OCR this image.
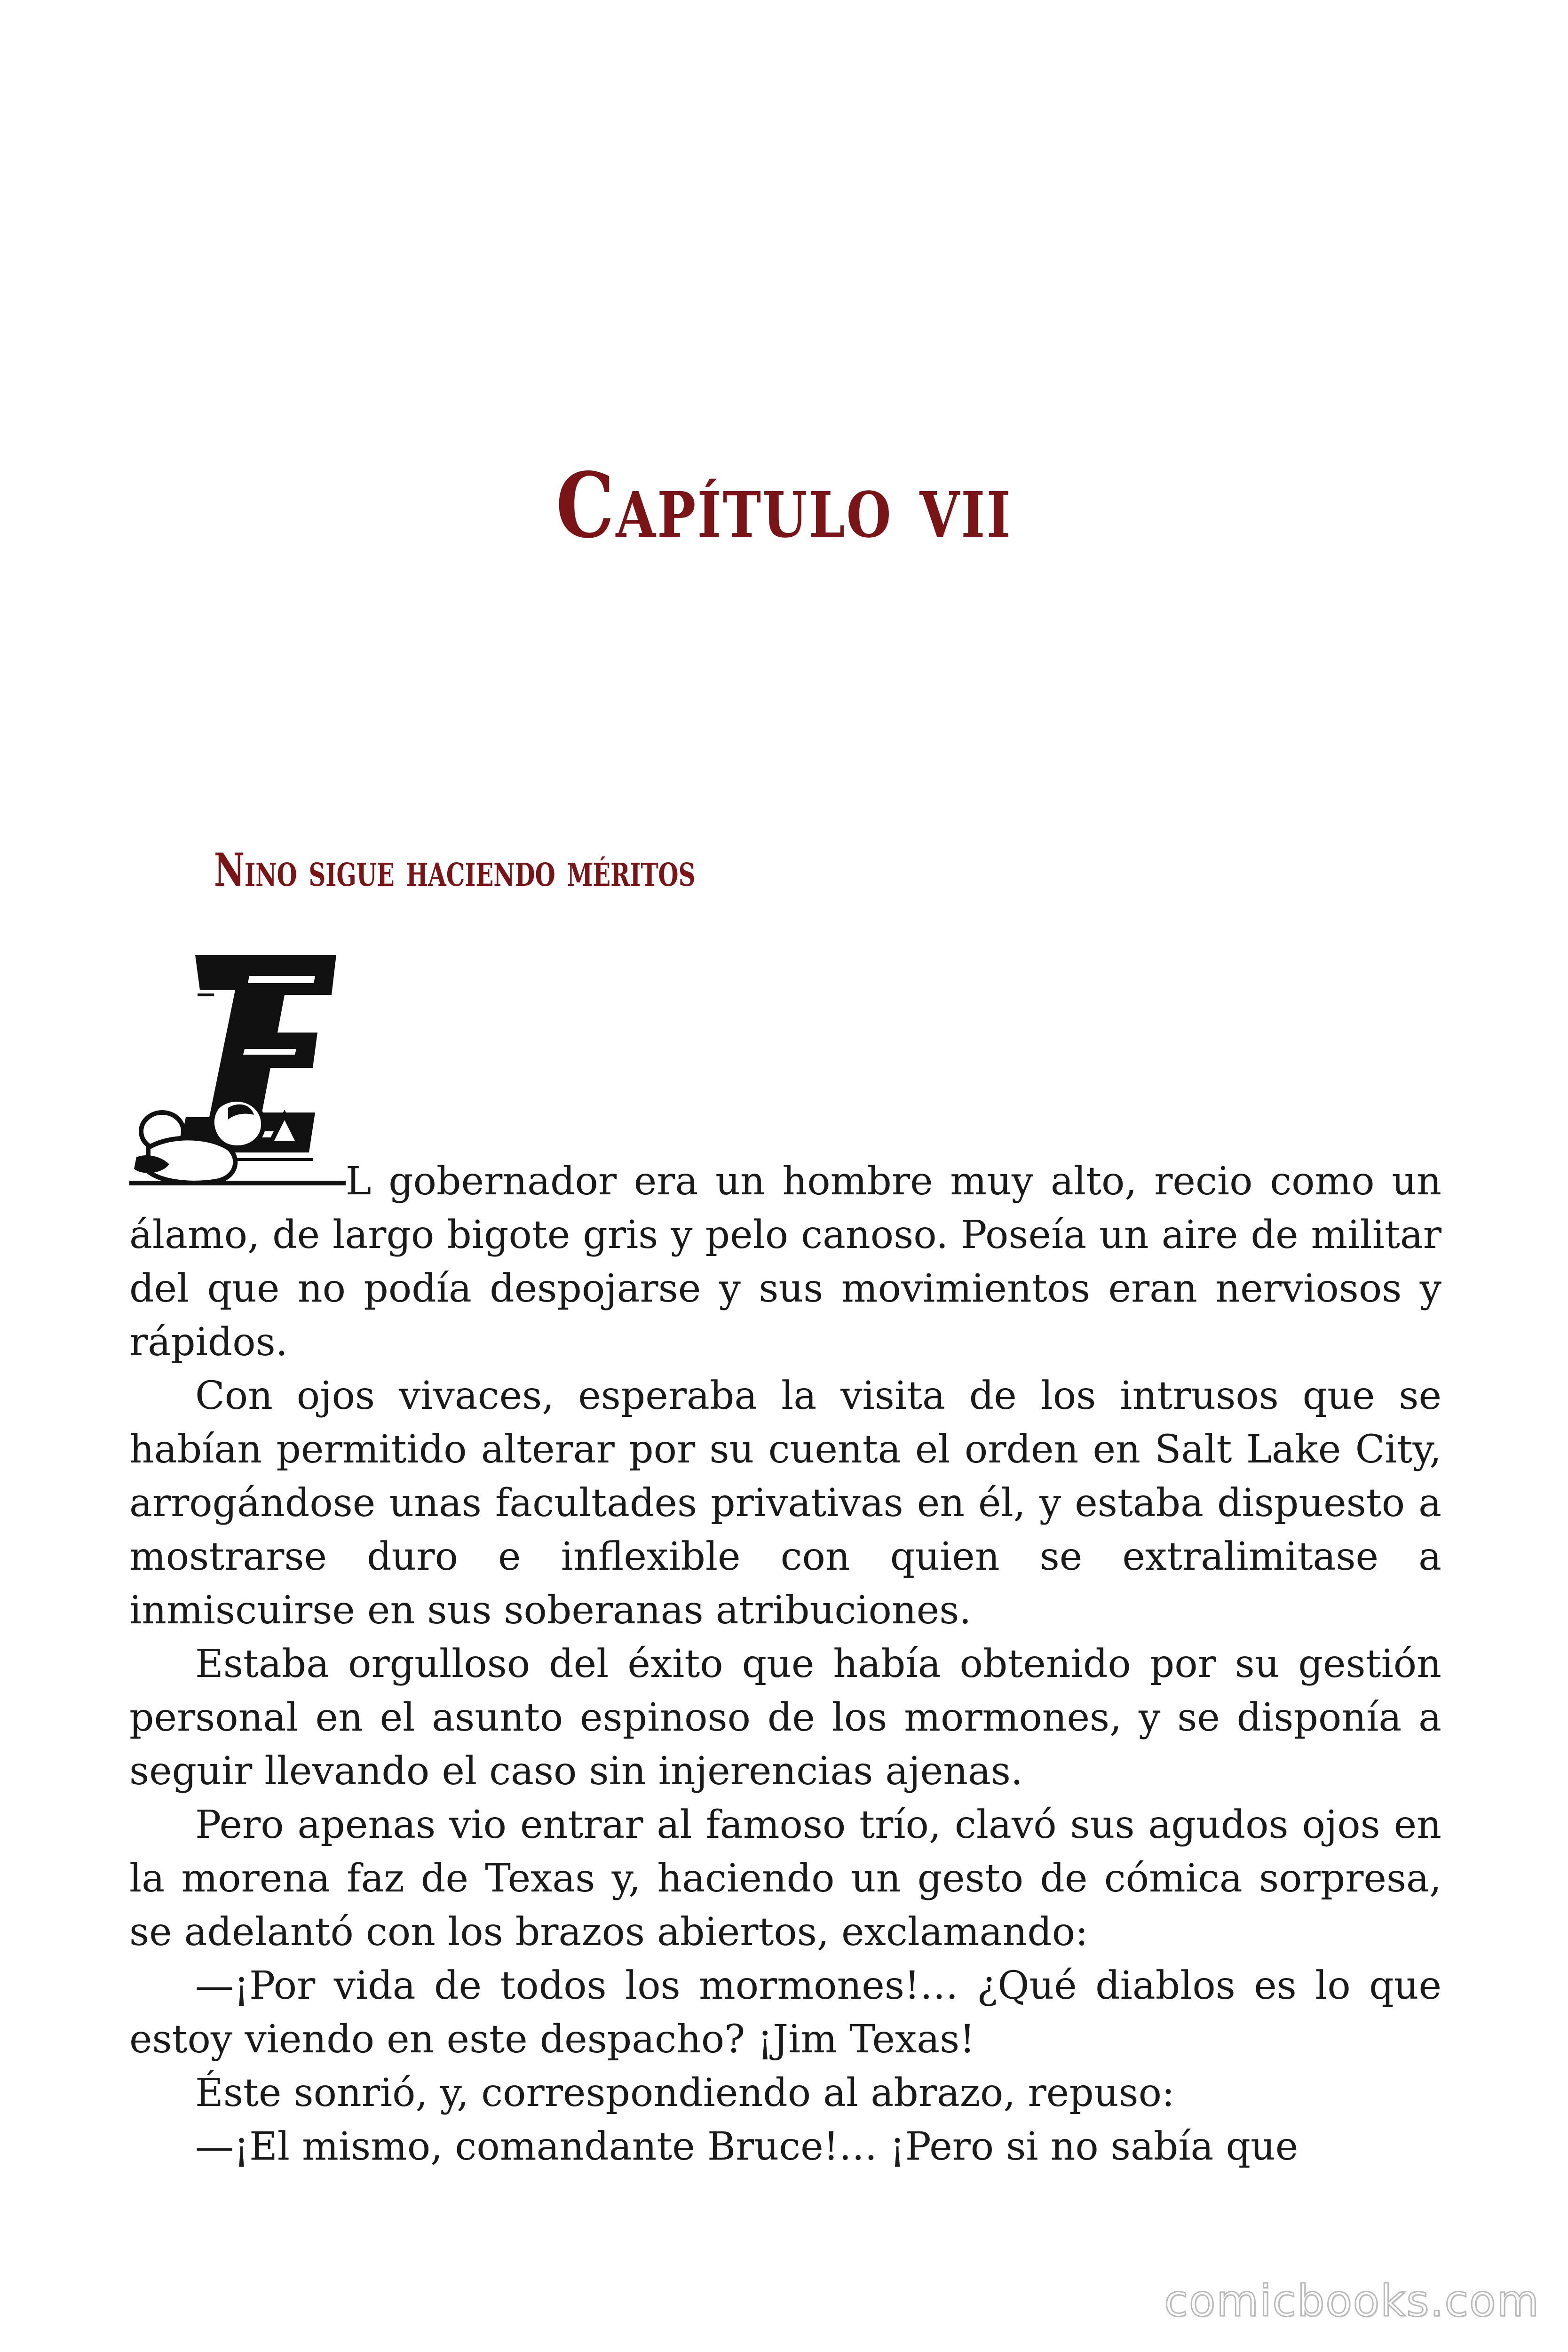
Capítulo vii
Nino sigue haciendo méritos

L gobernador era un hombre muy alto, recio como un
álamo, de largo bigote gris y pelo canoso. Poseía un aire de militar del que no podía despojarse y sus movimientos eran nerviosos y rápidos.

Con ojos vivaces, esperaba la visita de los intrusos que se habían permitido alterar por su cuenta el orden en Salt Lake City, arrogándose unas facultades privativas en él, y estaba dispuesto a mostrarse duro e inflexible con quien se extralimitase a inmiscuirse en sus soberanas atribuciones.

Estaba orgulloso del éxito que había obtenido por su gestión personal en el asunto espinoso de los mormones, y se disponía a seguir llevando el caso sin injerencias ajenas.

Pero apenas vio entrar al famoso trío, clavó sus agudos ojos en la morena faz de Texas y, haciendo un gesto de cómica sorpresa, se adelantó con los brazos abiertos, exclamando:

—¡Por vida de todos los mormones!… ¿Qué diablos es lo que estoy viendo en este despacho? ¡Jim Texas!

Éste sonrió, y, correspondiendo al abrazo, repuso:

—¡El mismo, comandante Bruce!… ¡Pero si no sabía que

comicbooks.com
